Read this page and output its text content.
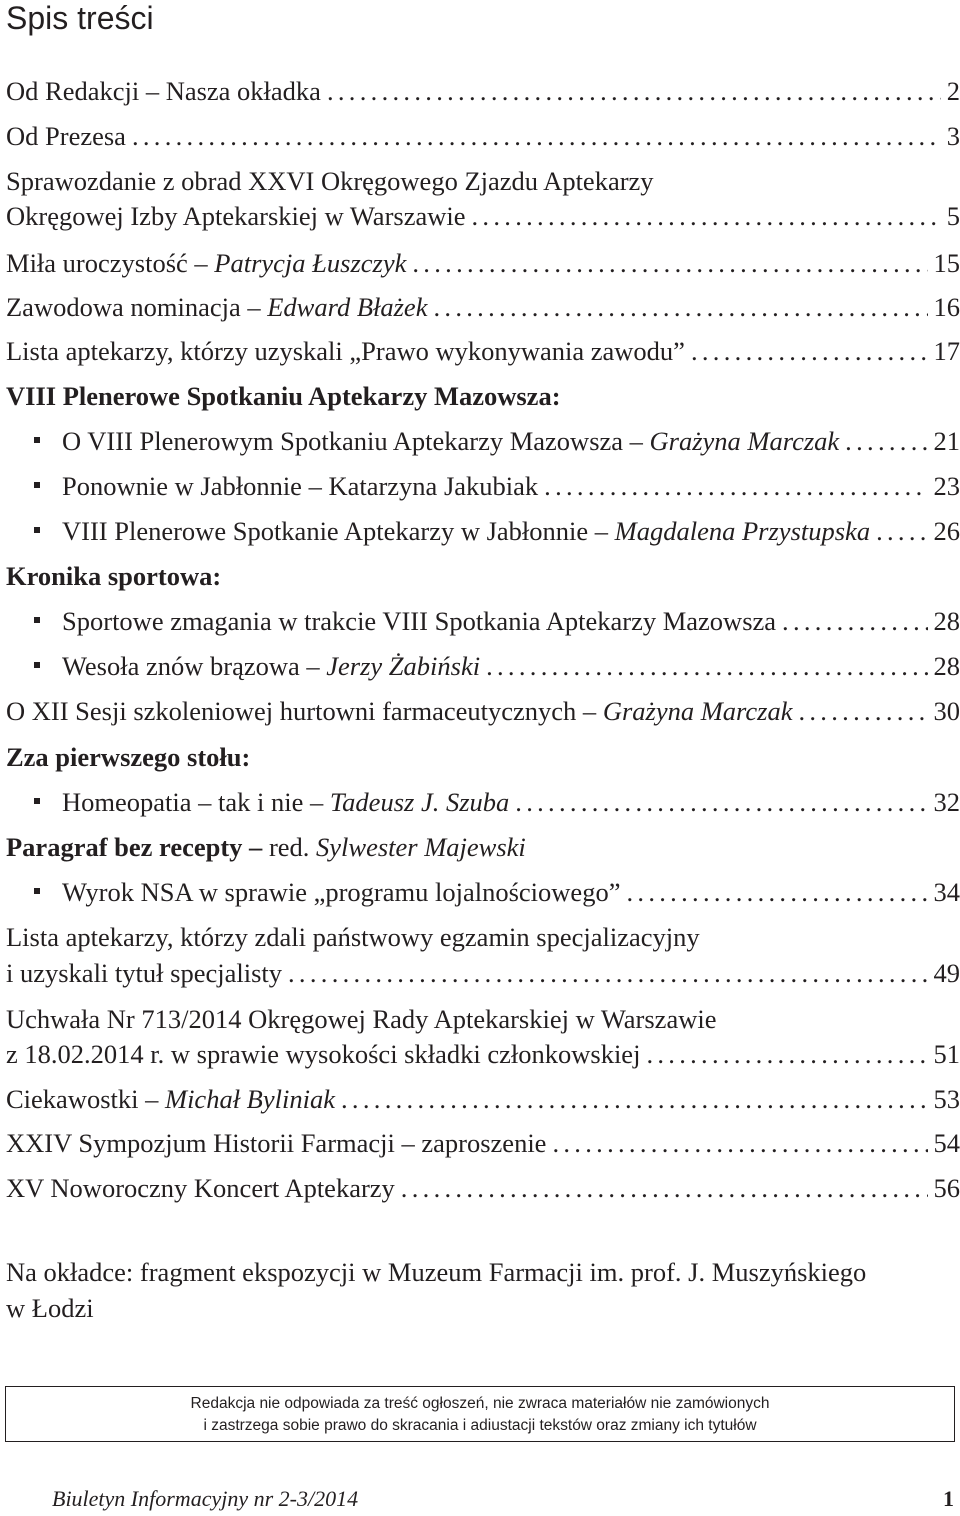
Spis treści
Od Redakcji – Nasza okładka .....	2
Od Prezesa .....	3
Sprawozdanie z obrad XXVI Okręgowego Zjazdu Aptekarzy
Okręgowej Izby Aptekarskiej w Warszawie .....	5
Miła uroczystość – Patrycja Łuszczyk .....	15
Zawodowa nominacja – Edward Błażek .....	16
Lista aptekarzy, którzy uzyskali „Prawo wykonywania zawodu” .....	17
VIII Plenerowe Spotkaniu Aptekarzy Mazowsza:
O VIII Plenerowym Spotkaniu Aptekarzy Mazowsza – Grażyna Marczak .....	21
Ponownie w Jabłonnie – Katarzyna Jakubiak .....	23
VIII Plenerowe Spotkanie Aptekarzy w Jabłonnie – Magdalena Przystupska ..... 26
Kronika sportowa:
Sportowe zmagania w trakcie VIII Spotkania Aptekarzy Mazowsza .....	28
Wesoła znów brązowa – Jerzy Żabiński .....	28
O XII Sesji szkoleniowej hurtowni farmaceutycznych – Grażyna Marczak .....	30
Zza pierwszego stołu:
Homeopatia – tak i nie – Tadeusz J. Szuba .....	32
Paragraf bez recepty – red. Sylwester Majewski
Wyrok NSA w sprawie „programu lojalnościowego” .....	34
Lista aptekarzy, którzy zdali państwowy egzamin specjalizacyjny
i uzyskali tytuł specjalisty .....	49
Uchwała Nr 713/2014 Okręgowej Rady Aptekarskiej w Warszawie
z 18.02.2014 r. w sprawie wysokości składki członkowskiej .....	51
Ciekawostki – Michał Byliniak .....	53
XXIV Sympozjum Historii Farmacji – zaproszenie .....	54
XV Noworoczny Koncert Aptekarzy .....	56
Na okładce: fragment ekspozycji w Muzeum Farmacji im. prof. J. Muszyńskiego
w Łodzi
Redakcja nie odpowiada za treść ogłoszeń, nie zwraca materiałów nie zamówionych
i zastrzega sobie prawo do skracania i adiustacji tekstów oraz zmiany ich tytułów
Biuletyn Informacyjny nr 2-3/2014	1
